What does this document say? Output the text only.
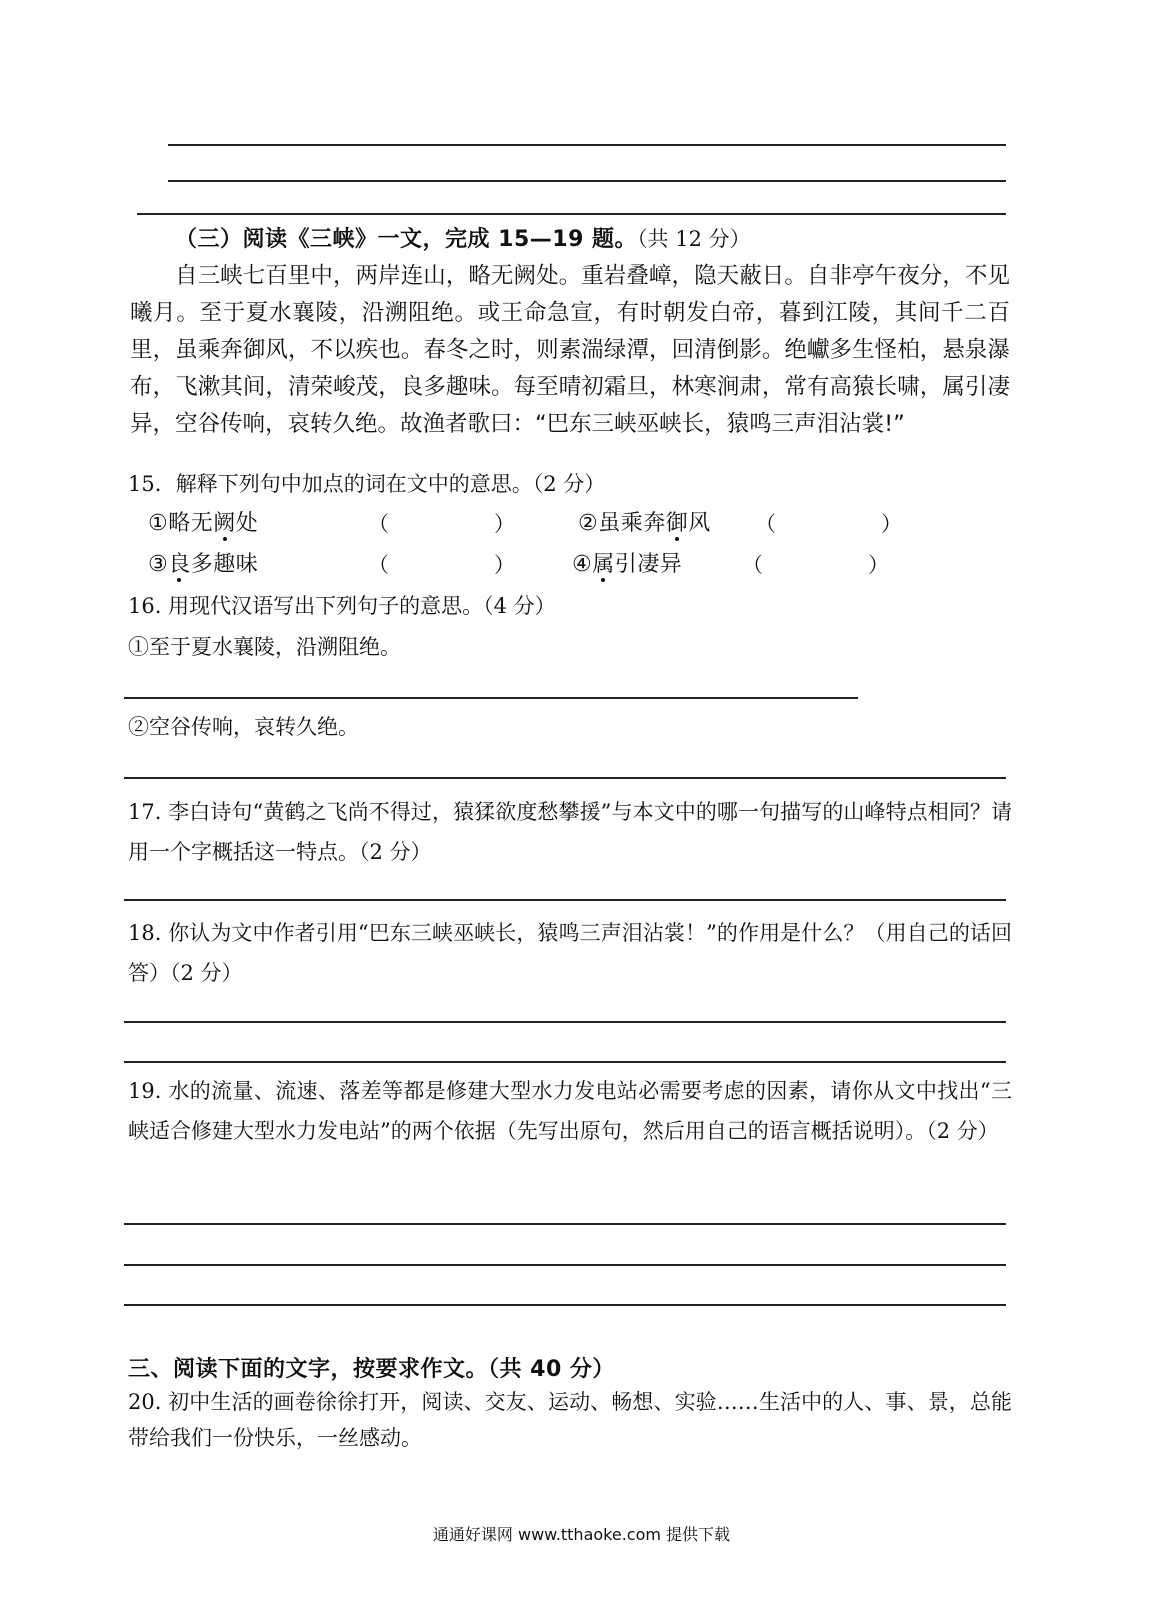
（三）阅读《三峡》一文，完成 15—19 题。（共 12 分）

自三峡七百里中，两岸连山，略无阙处。重岩叠嶂，隐天蔽日。自非亭午夜分，不见曦月。至于夏水襄陵，沿溯阻绝。或王命急宣，有时朝发白帝，暮到江陵，其间千二百里，虽乘奔御风，不以疾也。春冬之时，则素湍绿潭，回清倒影。绝巘多生怪柏，悬泉瀑布，飞漱其间，清荣峻茂，良多趣味。每至晴初霜旦，林寒涧肃，常有高猿长啸，属引凄异，空谷传响，哀转久绝。故渔者歌曰：“巴东三峡巫峡长，猿鸣三声泪沾裳!”

15．解释下列句中加点的词在文中的意思。（2 分）
①略无阙处	（　　　　　）	②虽乘奔御风 （　　　　　）
③良多趣味	（　　　　　）	④属引凄异	（　　　　　）
16. 用现代汉语写出下列句子的意思。（4 分）
①至于夏水襄陵，沿溯阻绝。
②空谷传响，哀转久绝。
17. 李白诗句“黄鹤之飞尚不得过，猿猱欲度愁攀援”与本文中的哪一句描写的山峰特点相同？请用一个字概括这一特点。（2 分）
18. 你认为文中作者引用“巴东三峡巫峡长，猿鸣三声泪沾裳！”的作用是什么？（用自己的话回答）（2 分）
19. 水的流量、流速、落差等都是修建大型水力发电站必需要考虑的因素，请你从文中找出“三峡适合修建大型水力发电站”的两个依据（先写出原句，然后用自己的语言概括说明）。（2 分）
三、阅读下面的文字，按要求作文。（共 40 分）
20. 初中生活的画卷徐徐打开，阅读、交友、运动、畅想、实验……生活中的人、事、景，总能带给我们一份快乐，一丝感动。
通通好课网 www.tthaoke.com 提供下载
